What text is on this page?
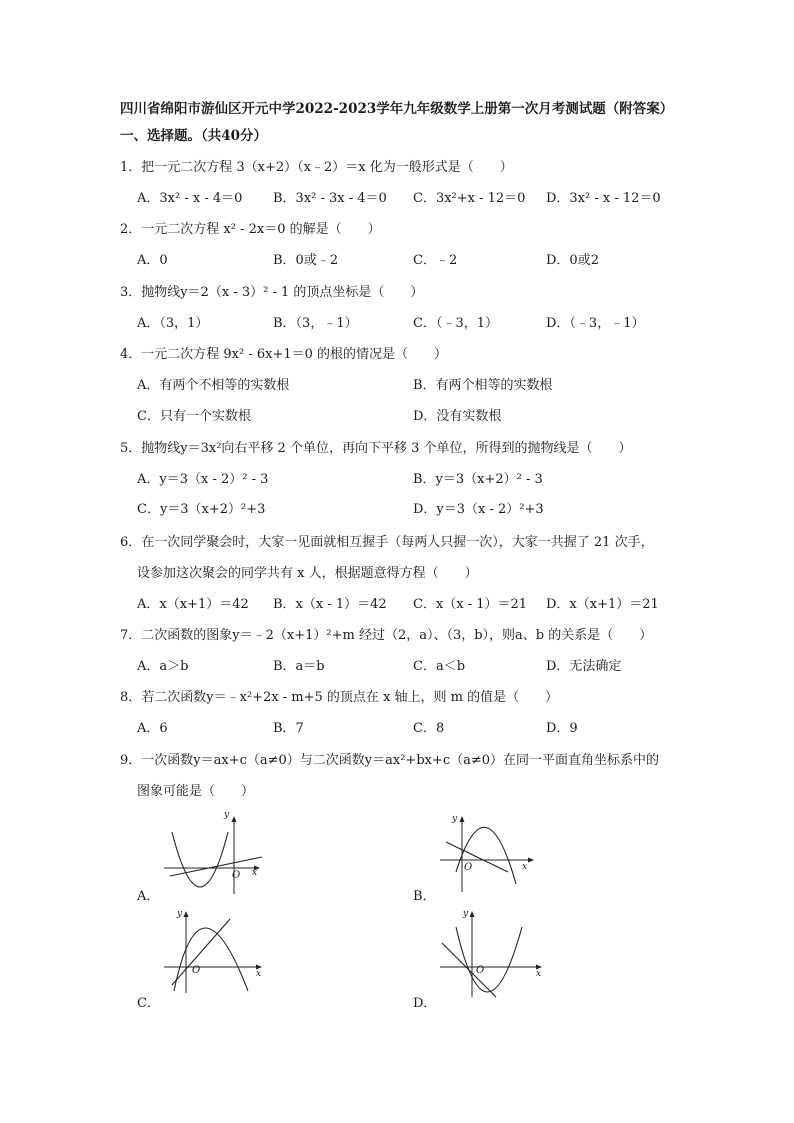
四川省绵阳市游仙区开元中学2022-2023学年九年级数学上册第一次月考测试题（附答案）
一、选择题。（共40分）
1．把一元二次方程 3（x+2）（x﹣2）＝x 化为一般形式是（　　）
A．3x² - x - 4＝0 B．3x² - 3x - 4＝0 C．3x²+x - 12＝0 D．3x² - x - 12＝0
2．一元二次方程 x² - 2x＝0 的解是（　　）
A．0	B．0或﹣2	C．﹣2	D．0或2
3．抛物线y＝2（x - 3）² - 1 的顶点坐标是（　　）
A．（3，1）	B．（3，﹣1）	C．（﹣3，1）	D．（﹣3，﹣1）
4．一元二次方程 9x² - 6x+1＝0 的根的情况是（　　）
A．有两个不相等的实数根	B．有两个相等的实数根
C．只有一个实数根	D．没有实数根
5．抛物线y＝3x²向右平移 2 个单位，再向下平移 3 个单位，所得到的抛物线是（　　）
A．y＝3（x - 2）² - 3	B．y＝3（x+2）² - 3
C．y＝3（x+2）²+3	D．y＝3（x - 2）²+3
6．在一次同学聚会时，大家一见面就相互握手（每两人只握一次），大家一共握了 21 次手，
设参加这次聚会的同学共有 x 人，根据题意得方程（　　）
A．x（x+1）＝42 B．x（x - 1）＝42 C．x（x - 1）＝21 D．x（x+1）＝21
7．二次函数的图象y＝﹣2（x+1）²+m 经过（2，a）、（3，b），则a、b 的关系是（　　）
A．a＞b	B．a＝b	C．a＜b	D．无法确定
8．若二次函数y＝﹣x²+2x - m+5 的顶点在 x 轴上，则 m 的值是（　　）
A．6	B．7	C．8	D．9
9．一次函数y＝ax+c（a≠0）与二次函数y＝ax²+bx+c（a≠0）在同一平面直角坐标系中的
图象可能是（　　）
A．
y
x
O
B．
y
x
O
C．
y
x
O
D．
y
x
O
